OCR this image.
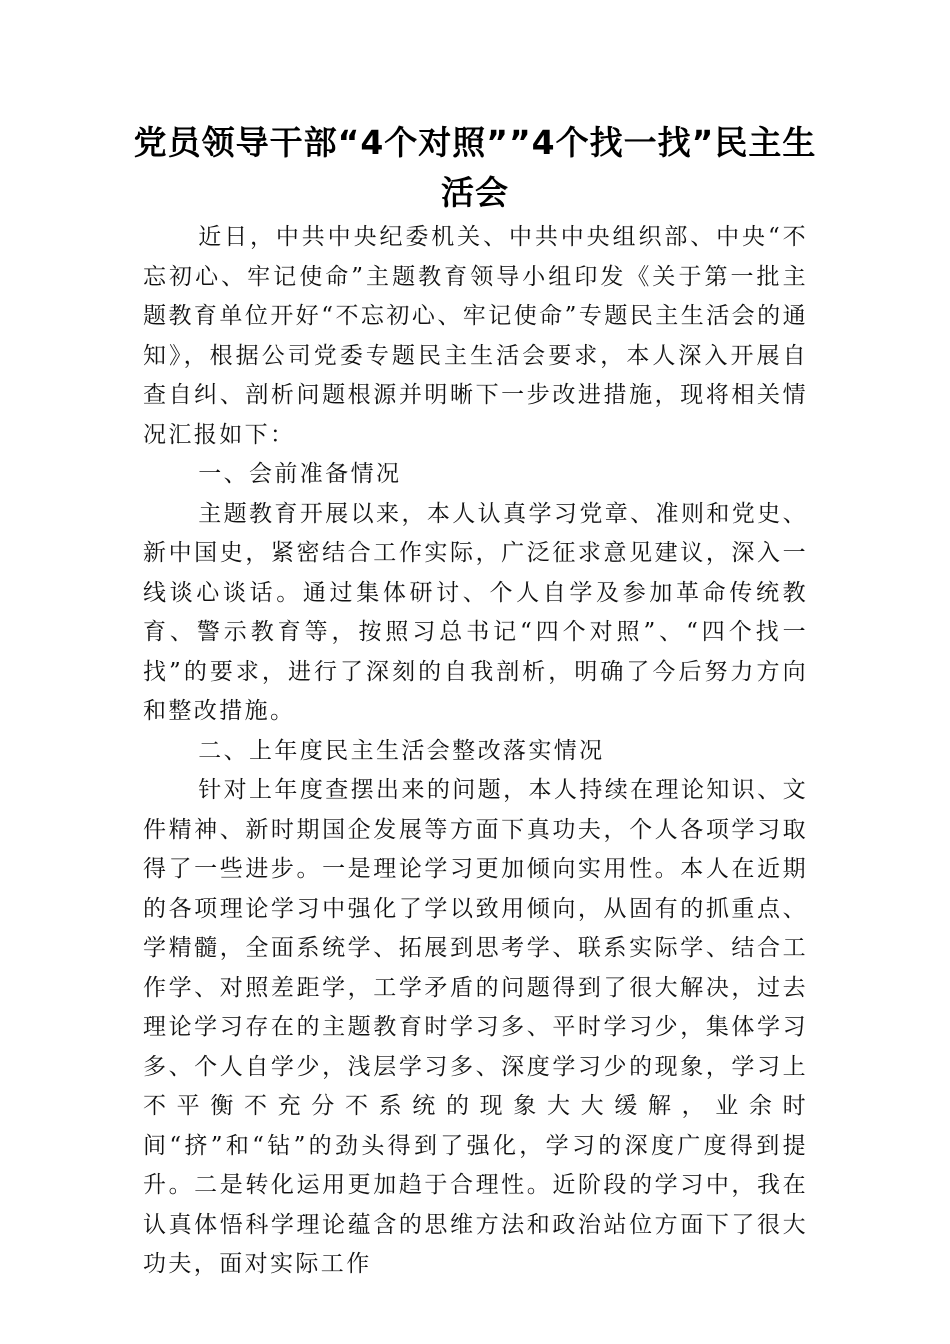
党员领导干部“4个对照””4个找一找”民主生活会

近日，中共中央纪委机关、中共中央组织部、中央“不忘初心、牢记使命”主题教育领导小组印发《关于第一批主题教育单位开好“不忘初心、牢记使命”专题民主生活会的通知》，根据公司党委专题民主生活会要求，本人深入开展自查自纠、剖析问题根源并明晰下一步改进措施，现将相关情况汇报如下：

一、会前准备情况

主题教育开展以来，本人认真学习党章、准则和党史、新中国史，紧密结合工作实际，广泛征求意见建议，深入一线谈心谈话。通过集体研讨、个人自学及参加革命传统教育、警示教育等，按照习总书记“四个对照”、“四个找一找”的要求，进行了深刻的自我剖析，明确了今后努力方向和整改措施。

二、上年度民主生活会整改落实情况

针对上年度查摆出来的问题，本人持续在理论知识、文件精神、新时期国企发展等方面下真功夫，个人各项学习取得了一些进步。一是理论学习更加倾向实用性。本人在近期的各项理论学习中强化了学以致用倾向，从固有的抓重点、学精髓，全面系统学、拓展到思考学、联系实际学、结合工作学、对照差距学，工学矛盾的问题得到了很大解决，过去理论学习存在的主题教育时学习多、平时学习少，集体学习多、个人自学少，浅层学习多、深度学习少的现象，学习上不平衡不充分不系统的现象大大缓解，业余时间“挤”和“钻”的劲头得到了强化，学习的深度广度得到提升。二是转化运用更加趋于合理性。近阶段的学习中，我在认真体悟科学理论蕴含的思维方法和政治站位方面下了很大功夫，面对实际工作
